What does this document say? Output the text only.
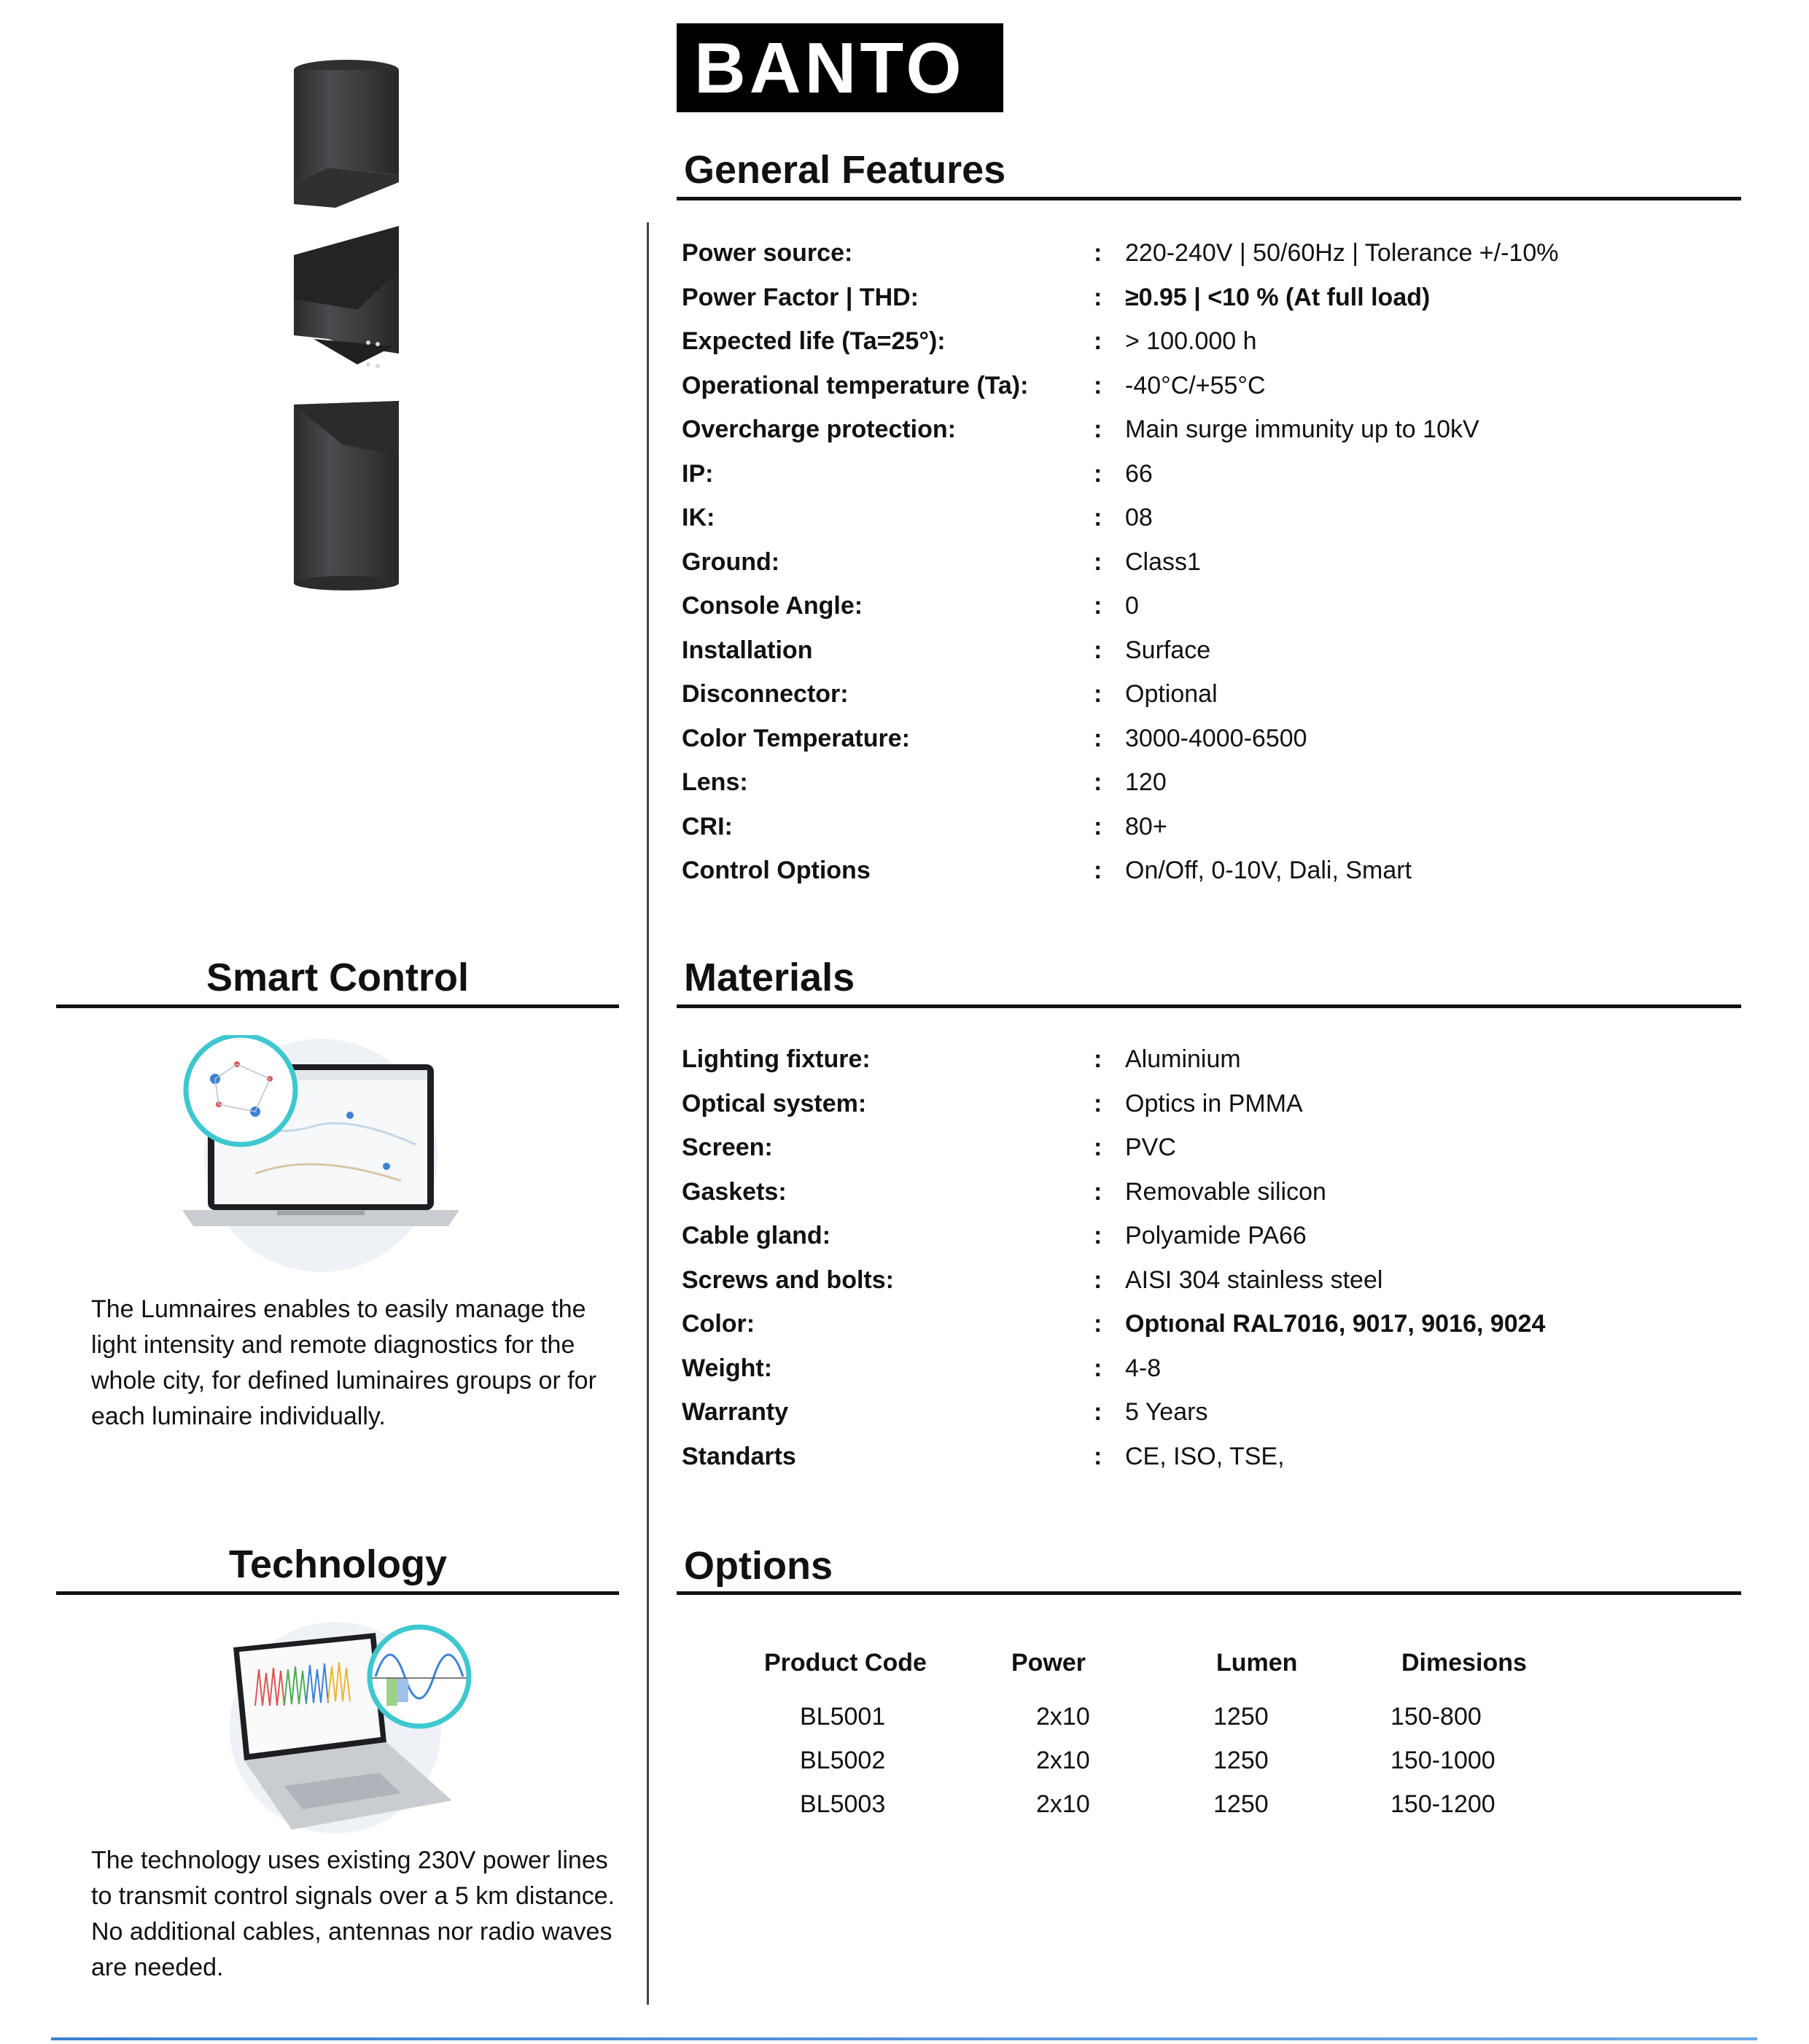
BANTO
General Features
Power source:	: 220-240V | 50/60Hz | Tolerance +/-10%
Power Factor | THD:	: ≥0.95 | <10 % (At full load)
Expected life (Ta=25°):	: > 100.000 h
Operational temperature (Ta):	: -40°C/+55°C
Overcharge protection:	: Main surge immunity up to 10kV
IP:	: 66
IK:	: 08
Ground:	: Class1
Console Angle:	: 0
Installation	: Surface
Disconnector:	: Optional
Color Temperature:	: 3000-4000-6500
Lens:	: 120
CRI:	: 80+
Control Options	: On/Off, 0-10V, Dali, Smart
Materials
Lighting fixture:	: Aluminium
Optical system:	: Optics in PMMA
Screen:	: PVC
Gaskets:	: Removable silicon
Cable gland:	: Polyamide PA66
Screws and bolts:	: AISI 304 stainless steel
Color:	: Optıonal RAL7016, 9017, 9016, 9024
Weight:	: 4-8
Warranty	: 5 Years
Standarts	: CE, ISO, TSE,
Options
Product Code	Power	Lumen	Dimesions
BL5001	2x10	1250	150-800
BL5002	2x10	1250	150-1000
BL5003	2x10	1250	150-1200
Smart Control
The Lumnaires enables to easily manage the light intensity and remote diagnostics for the whole city, for defined luminaires groups or for each luminaire individually.
Technology
The technology uses existing 230V power lines to transmit control signals over a 5 km distance. No additional cables, antennas nor radio waves are needed.
